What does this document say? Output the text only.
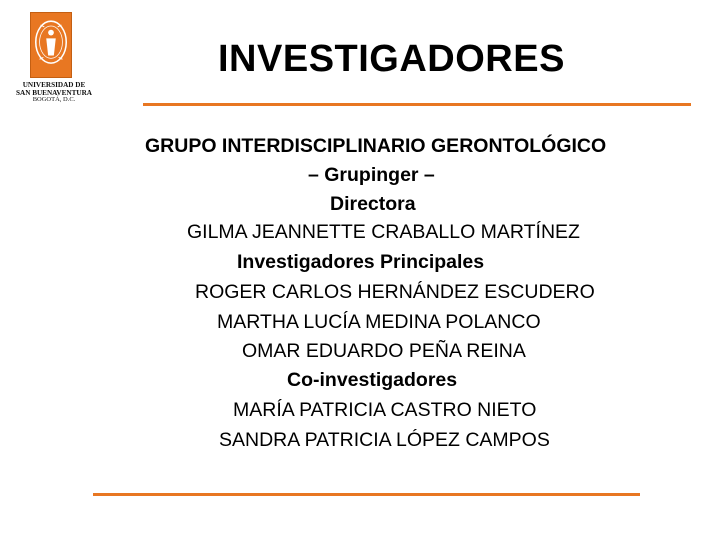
UNIVERSIDAD DE
SAN BUENAVENTURA
BOGOTÁ, D.C.
INVESTIGADORES
GRUPO INTERDISCIPLINARIO GERONTOLÓGICO
– Grupinger –
Directora
GILMA JEANNETTE CRABALLO MARTÍNEZ
Investigadores Principales
ROGER CARLOS HERNÁNDEZ ESCUDERO
MARTHA LUCÍA MEDINA POLANCO
OMAR EDUARDO PEÑA REINA
Co-investigadores
MARÍA PATRICIA CASTRO NIETO
SANDRA PATRICIA LÓPEZ CAMPOS
